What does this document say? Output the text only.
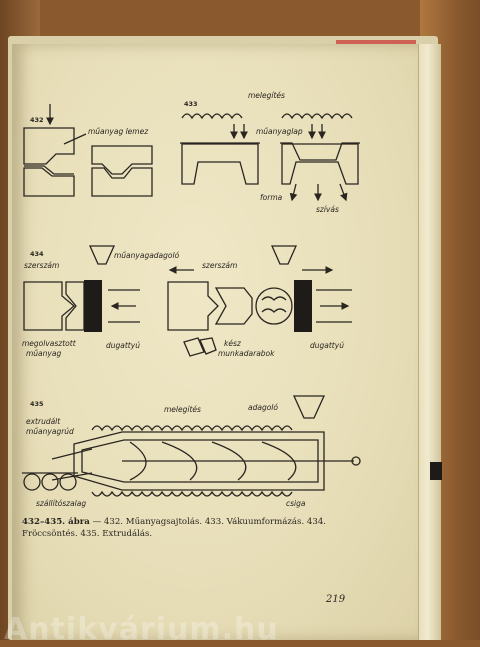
432
műanyag lemez
433
melegítés
műanyaglap
forma
szívás
434
szerszám
műanyagadagoló
megolvasztott
műanyag
dugattyú
szerszám
kész
munkadarabok
dugattyú
435
melegítés	adagoló
extrudált
műanyagrúd
szállítószalag	csiga
432–435. ábra — 432. Műanyagsajtolás. 433. Vákuumformázás. 434. Fröccsöntés. 435. Extrudálás.
219
Antikvárium.hu
